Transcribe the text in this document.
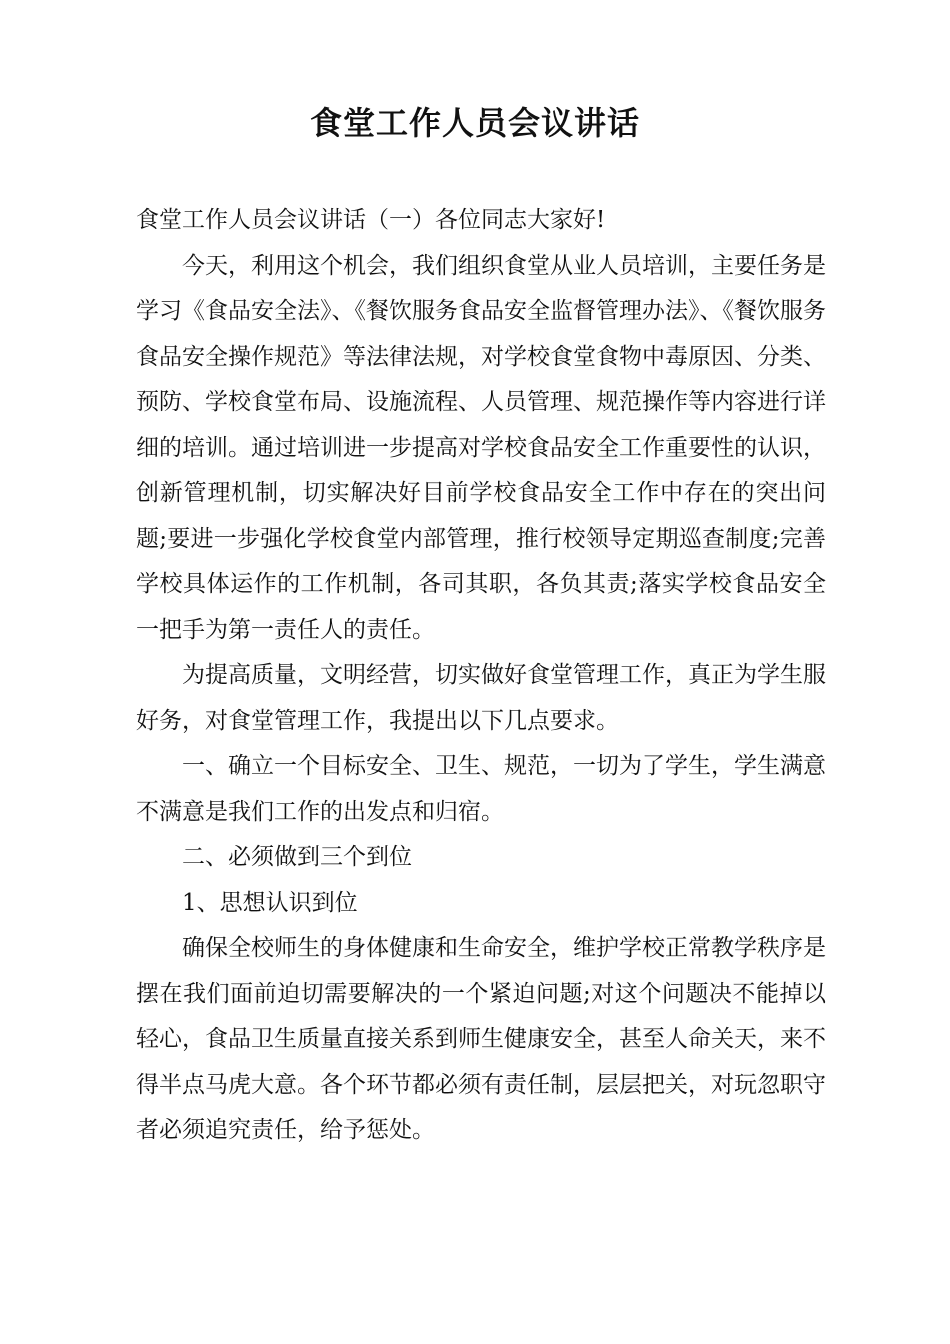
食堂工作人员会议讲话

食堂工作人员会议讲话（一）各位同志大家好!

今天，利用这个机会，我们组织食堂从业人员培训，主要任务是学习《食品安全法》、《餐饮服务食品安全监督管理办法》、《餐饮服务食品安全操作规范》等法律法规，对学校食堂食物中毒原因、分类、预防、学校食堂布局、设施流程、人员管理、规范操作等内容进行详细的培训。通过培训进一步提高对学校食品安全工作重要性的认识，创新管理机制，切实解决好目前学校食品安全工作中存在的突出问题;要进一步强化学校食堂内部管理，推行校领导定期巡查制度;完善学校具体运作的工作机制，各司其职，各负其责;落实学校食品安全一把手为第一责任人的责任。

为提高质量，文明经营，切实做好食堂管理工作，真正为学生服好务，对食堂管理工作，我提出以下几点要求。

一、确立一个目标安全、卫生、规范，一切为了学生，学生满意不满意是我们工作的出发点和归宿。

二、必须做到三个到位

1、思想认识到位

确保全校师生的身体健康和生命安全，维护学校正常教学秩序是摆在我们面前迫切需要解决的一个紧迫问题;对这个问题决不能掉以轻心，食品卫生质量直接关系到师生健康安全，甚至人命关天，来不得半点马虎大意。各个环节都必须有责任制，层层把关，对玩忽职守者必须追究责任，给予惩处。
